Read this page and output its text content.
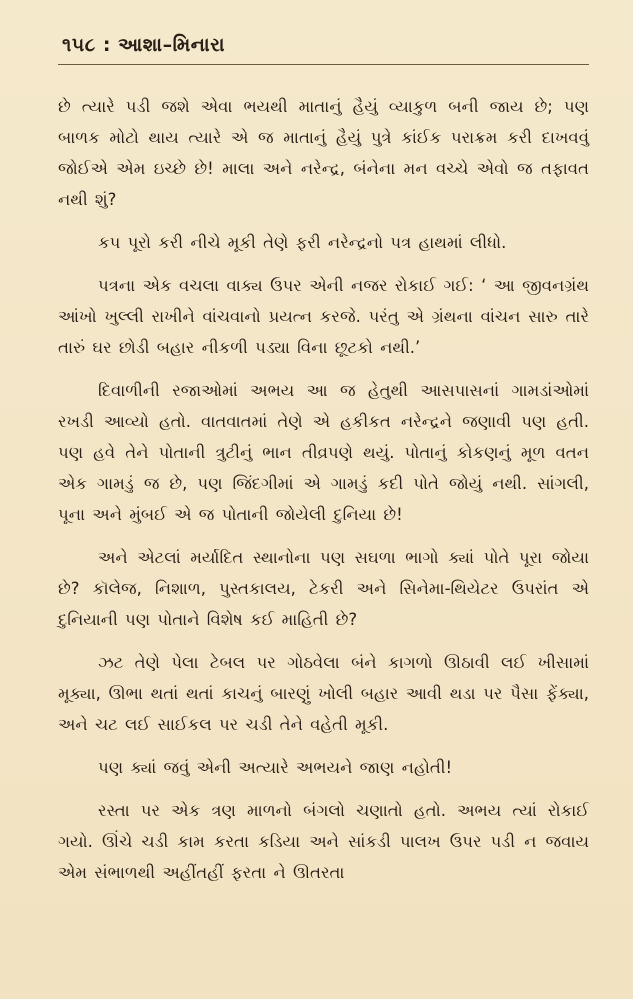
૧૫૮ : આશા–મિનારા

છે ત્યારે પડી જશે એવા ભયથી માતાનું હૈયું વ્યાકુળ બની જાય છે; પણ બાળક મોટો થાય ત્યારે એ જ માતાનું હૈયું પુત્રે કાંઈક પરાક્રમ કરી દાખવવું જોઈએ એમ ઇચ્છે છે! માલા અને નરેન્દ્ર, બંનેના મન વચ્ચે એવો જ તફાવત નથી શું?

કપ પૂરો કરી નીચે મૂકી તેણે ફરી નરેન્દ્રનો પત્ર હાથમાં લીધો.

પત્રના એક વચલા વાક્ય ઉપર એની નજર રોકાઈ ગઈ: ‘ આ જીવનગ્રંથ આંખો ખુલ્લી રાખીને વાંચવાનો પ્રયત્ન કરજે. પરંતુ એ ગ્રંથના વાંચન સારુ તારે તારું ઘર છોડી બહાર નીકળી પડ્યા વિના છૂટકો નથી.’

દિવાળીની રજાઓમાં અભય આ જ હેતુથી આસપાસનાં ગામડાંઓમાં રખડી આવ્યો હતો. વાતવાતમાં તેણે એ હકીકત નરેન્દ્રને જણાવી પણ હતી. પણ હવે તેને પોતાની ત્રુટીનું ભાન તીવ્રપણે થયું. પોતાનું કોકણનું મૂળ વતન એક ગામડું જ છે, પણ જિંદગીમાં એ ગામડું કદી પોતે જોયું નથી. સાંગલી, પૂના અને મુંબઈ એ જ પોતાની જોયેલી દુનિયા છે!

અને એટલાં મર્યાદિત સ્થાનોના પણ સઘળા ભાગો ક્યાં પોતે પૂરા જોયા છે? કૉલેજ, નિશાળ, પુસ્તકાલય, ટેકરી અને સિનેમા-થિયેટર ઉપરાંત એ દુનિયાની પણ પોતાને વિશેષ કઈ માહિતી છે?

ઝટ તેણે પેલા ટેબલ પર ગોઠવેલા બંને કાગળો ઊઠાવી લઈ ખીસામાં મૂક્યા, ઊભા થતાં થતાં કાચનું બારણું ખોલી બહાર આવી થડા પર પૈસા ફેંક્યા, અને ચટ લઈ સાઈકલ પર ચડી તેને વહેતી મૂકી.

પણ ક્યાં જવું એની અત્યારે અભયને જાણ નહોતી!

રસ્તા પર એક ત્રણ માળનો બંગલો ચણાતો હતો. અભય ત્યાં રોકાઈ ગયો. ઊંચે ચડી કામ કરતા કડિયા અને સાંકડી પાલખ ઉપર પડી ન જવાય એમ સંભાળથી અહીંતહીં ફરતા ને ઊતરતા
